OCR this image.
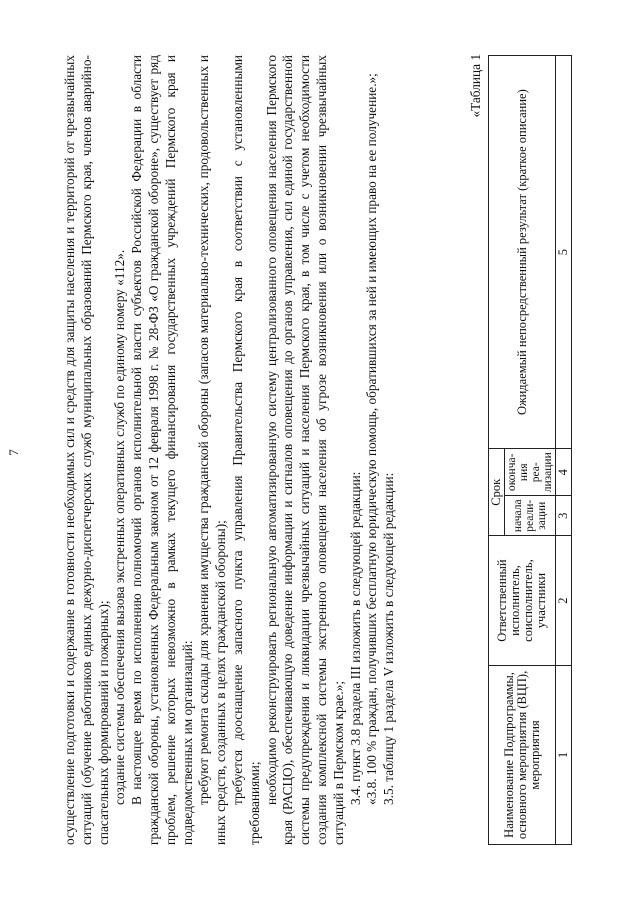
7	осуществление подготовки и содержание в готовности необходимых сил и средств для защиты населения и территорий от чрезвычайных ситуаций (обучение работников единых дежурно-диспетчерских служб муниципальных образований Пермского края, членов аварийно-спасательных формирований и пожарных); создание системы обеспечения вызова экстренных оперативных служб по единому номеру «112». В настоящее время по исполнению полномочий органов исполнительной власти субъектов Российской Федерации в области гражданской обороны, установленных Федеральным законом от 12 февраля 1998 г. № 28-ФЗ «О гражданской обороне», существует ряд проблем, решение которых невозможно в рамках текущего финансирования государственных учреждений Пермского края и подведомственных им организаций: требуют ремонта склады для хранения имущества гражданской обороны (запасов материально-технических, продовольственных и иных средств, созданных в целях гражданской обороны); требуется дооснащение запасного пункта управления Правительства Пермского края в соответствии с установленными требованиями; необходимо реконструировать региональную автоматизированную систему централизованного оповещения населения Пермского края (РАСЦО), обеспечивающую доведение информации и сигналов оповещения до органов управления, сил единой государственной системы предупреждения и ликвидации чрезвычайных ситуаций и населения Пермского края, в том числе с учетом необходимости создания комплексной системы экстренного оповещения населения об угрозе возникновения или о возникновении чрезвычайных ситуаций в Пермском крае.»; 3.4. пункт 3.8 раздела III изложить в следующей редакции: «3.8. 100 % граждан, получивших бесплатную юридическую помощь, обратившихся за ней и имеющих право на ее получение.»; 3.5. таблицу 1 раздела V изложить в следующей редакции:

«Таблица 1
Наименование Подпрограммы, основного мероприятия (ВЦП), мероприятия	Ответственный исполнитель, соисполнитель, участники	Срок		Ожидаемый непосредственный результат (краткое описание)
		начала реали-зации	оконча-ния реа-лизации	
1	2	3	4	5
